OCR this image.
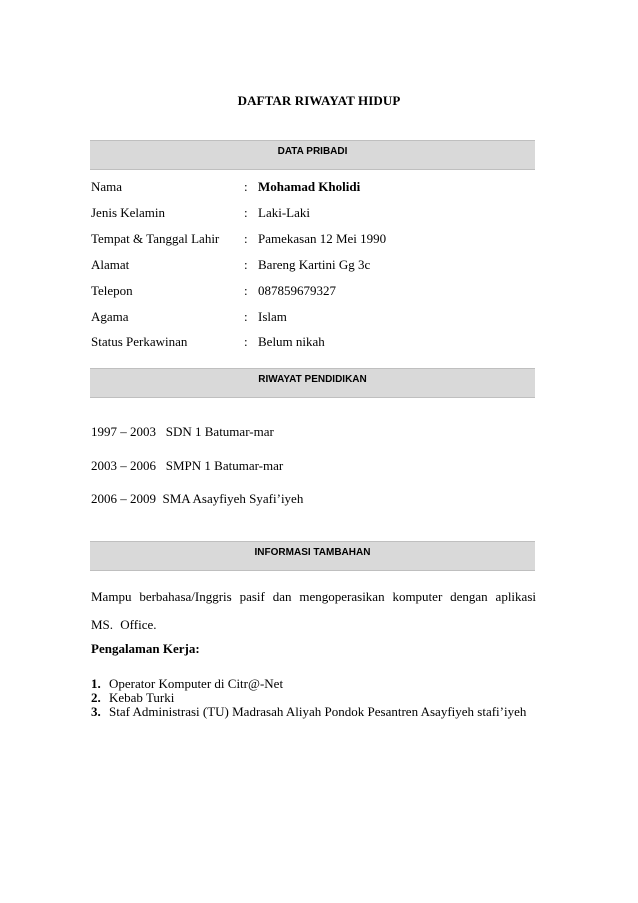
DAFTAR RIWAYAT HIDUP
DATA PRIBADI
Nama	: Mohamad Kholidi
Jenis Kelamin	: Laki-Laki
Tempat & Tanggal Lahir : Pamekasan 12 Mei 1990
Alamat	: Bareng Kartini Gg 3c
Telepon	: 087859679327
Agama	: Islam
Status Perkawinan	: Belum nikah
RIWAYAT PENDIDIKAN
1997 – 2003   SDN 1 Batumar-mar
2003 – 2006   SMPN 1 Batumar-mar
2006 – 2009  SMA Asayfiyeh Syafi’iyeh
INFORMASI TAMBAHAN
Mampu berbahasa/Inggris pasif dan mengoperasikan komputer dengan aplikasi MS. Office.
Pengalaman Kerja:
1. Operator Komputer di Citr@-Net
2. Kebab Turki
3. Staf Administrasi (TU) Madrasah Aliyah Pondok Pesantren Asayfiyeh stafi’iyeh
